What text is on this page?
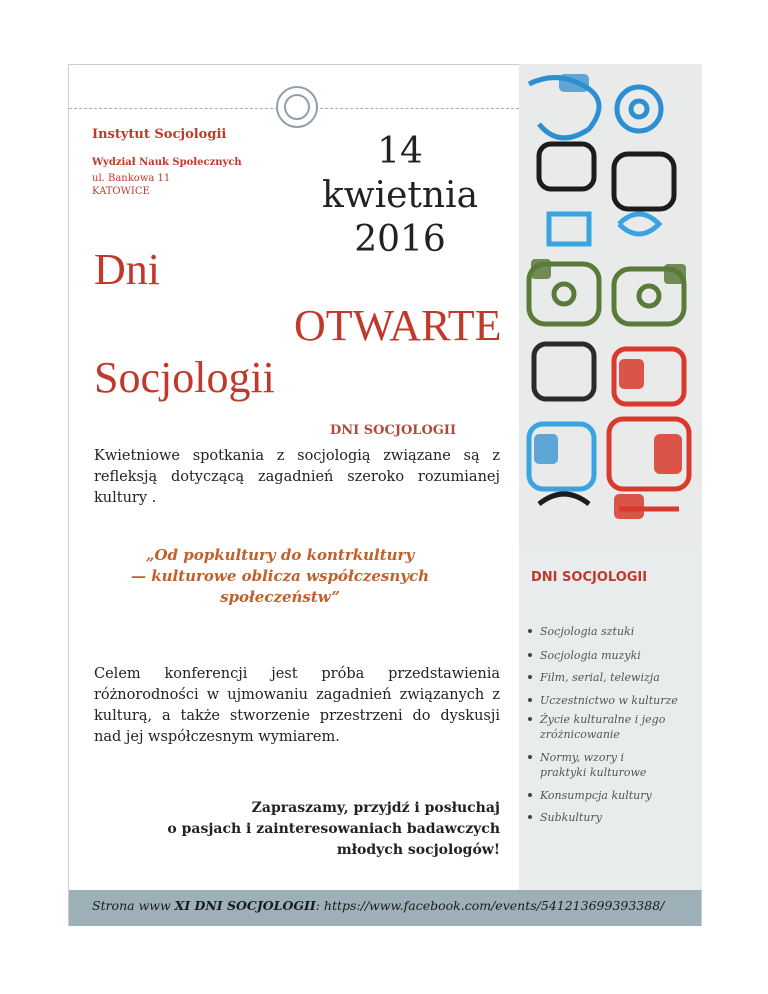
Instytut Socjologii
Wydział Nauk Społecznych
ul. Bankowa 11
KATOWICE
14 kwietnia
2016
Dni
OTWARTE
Socjologii
DNI SOCJOLOGII
Kwietniowe spotkania z socjologią związane są z refleksją dotyczącą zagadnień szeroko rozumianej kultury .
„Od popkultury do kontrkultury
— kulturowe oblicza współczesnych
społeczeństw”
Celem konferencji jest próba przedstawienia różnorodności w ujmowaniu zagadnień związanych z kulturą, a także stworzenie przestrzeni do dyskusji nad jej współczesnym wymiarem.
Zapraszamy, przyjdź i posłuchaj
o pasjach i zainteresowaniach badawczych
młodych socjologów!
DNI SOCJOLOGII
Socjologia sztuki
Socjologia muzyki
Film, serial, telewizja
Uczestnictwo w kulturze
Życie kulturalne i jego zróżnicowanie
Normy, wzory i praktyki kulturowe
Konsumpcja kultury
Subkultury
Strona www XI DNI SOCJOLOGII: https://www.facebook.com/events/541213699393388/
